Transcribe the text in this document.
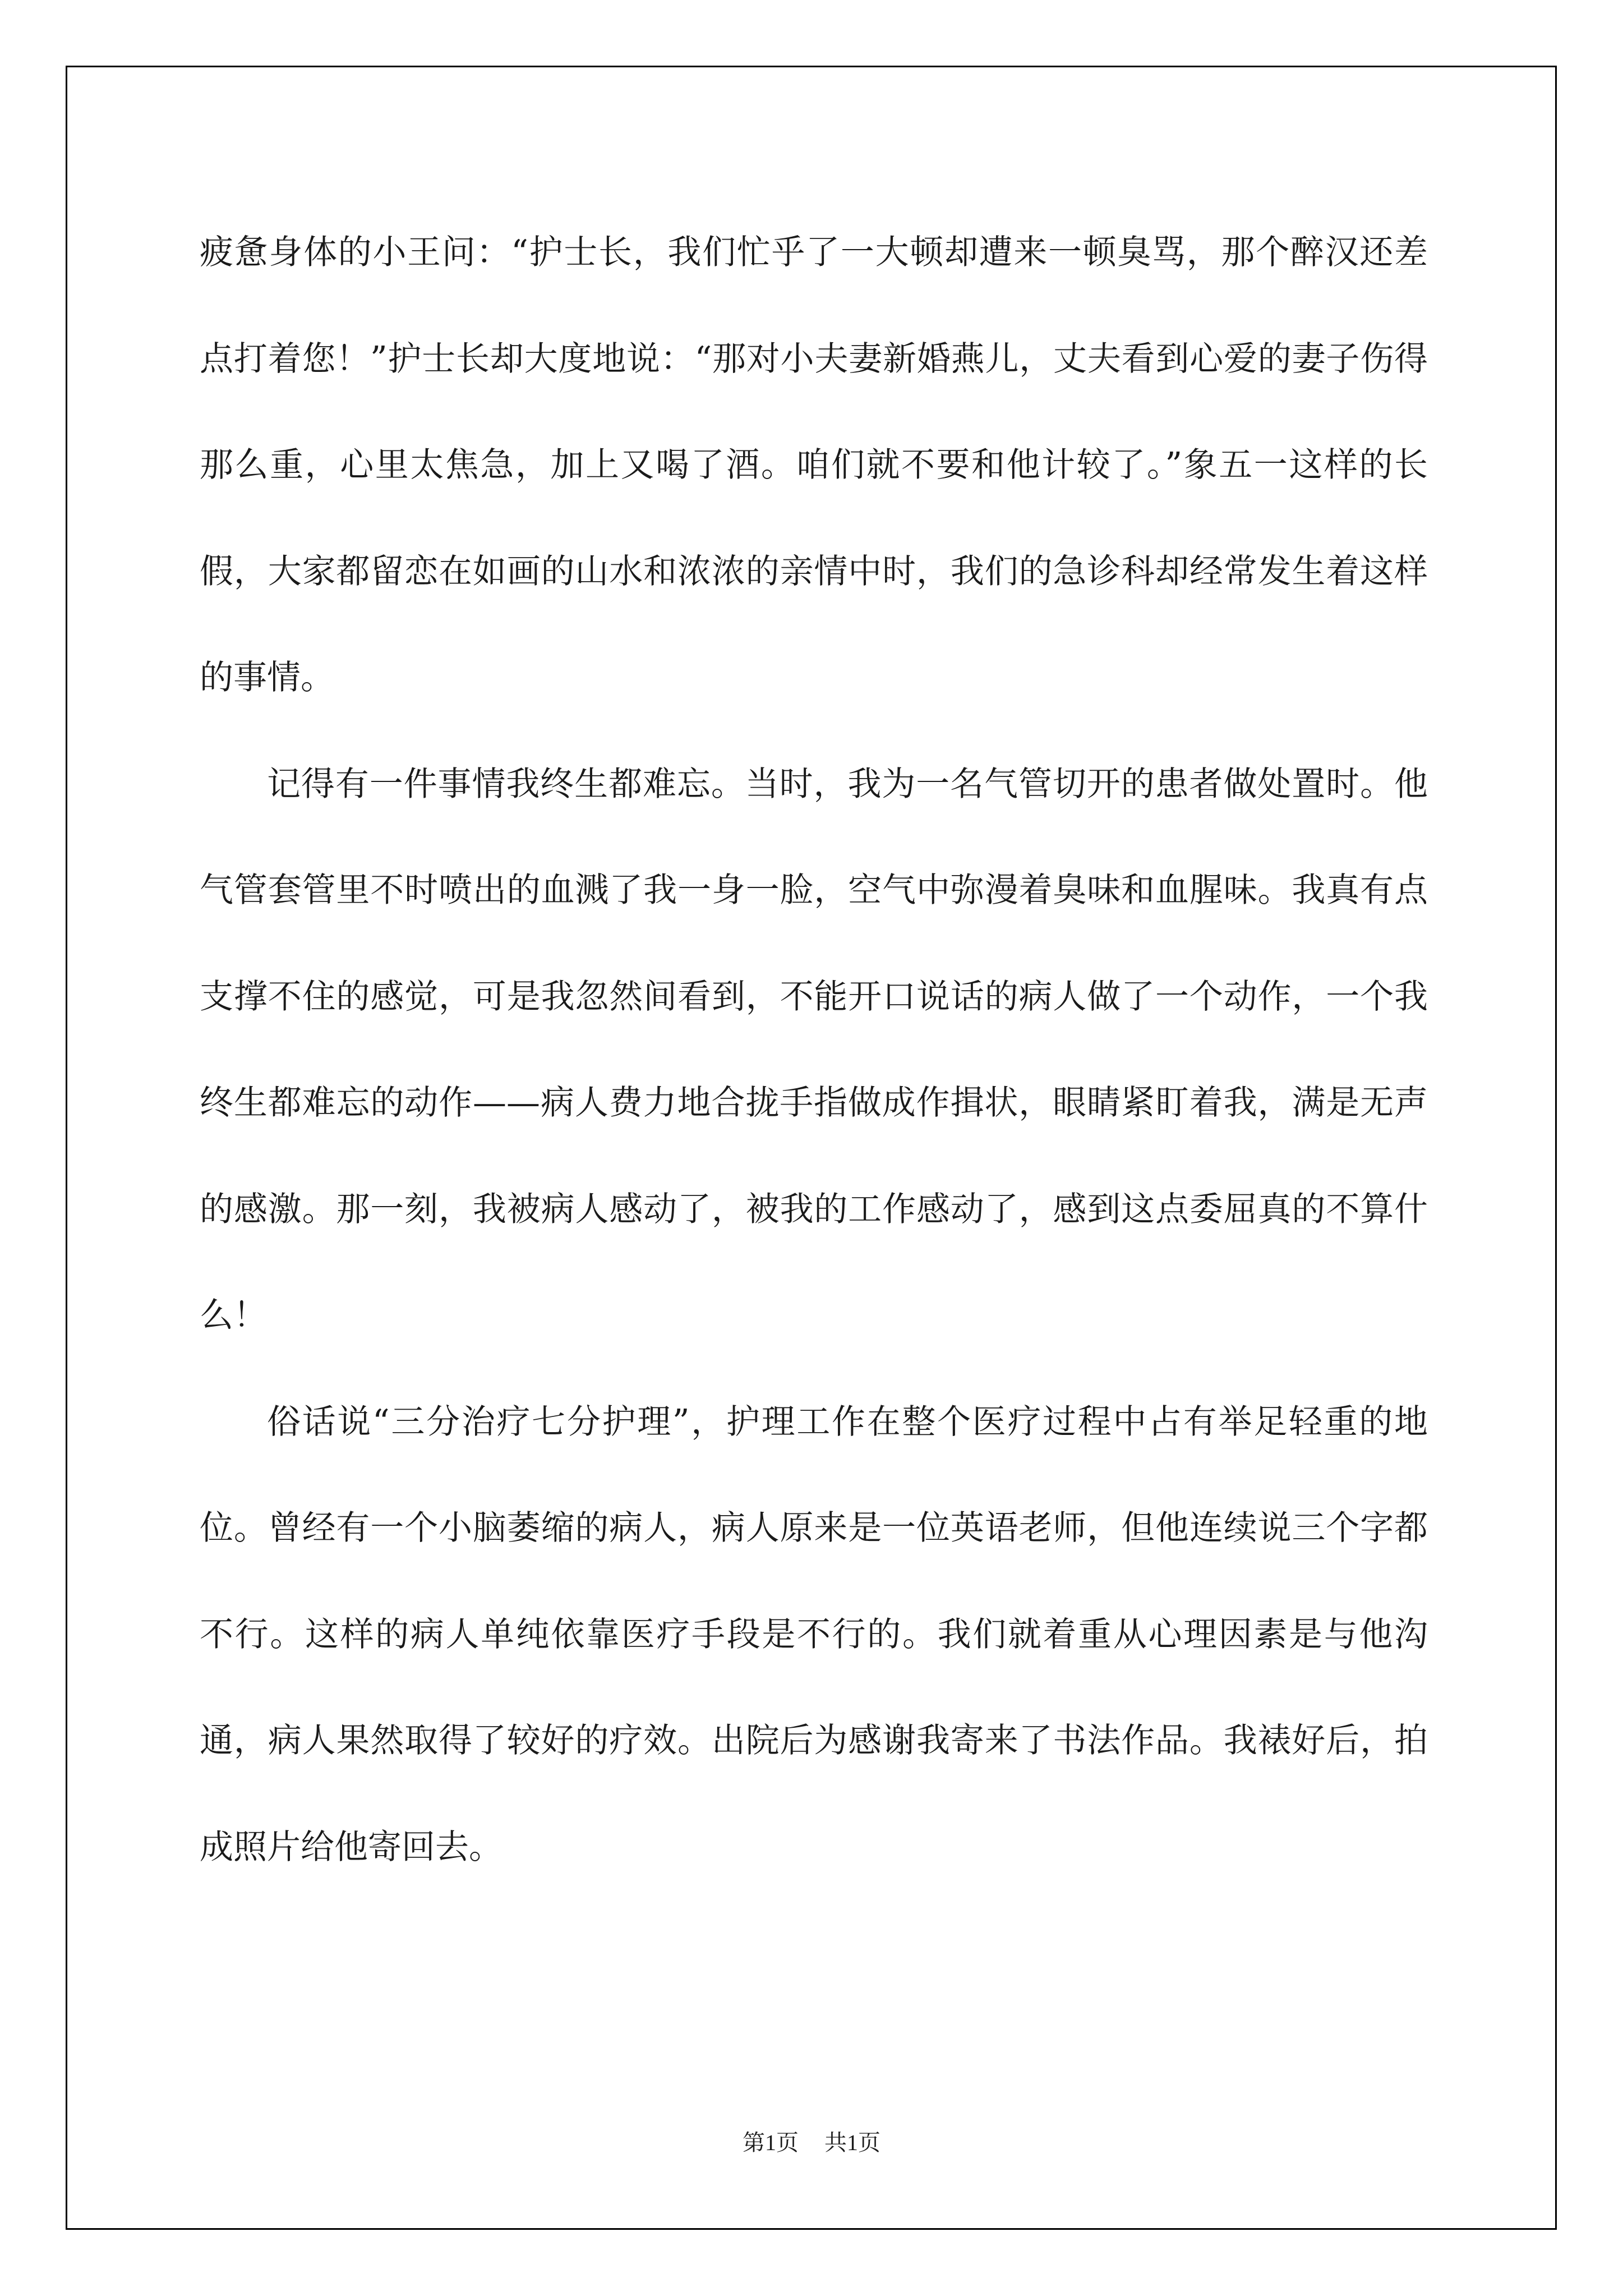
疲惫身体的小王问：“护士长，我们忙乎了一大顿却遭来一顿臭骂，那个醉汉还差点打着您！”护士长却大度地说：“那对小夫妻新婚燕儿，丈夫看到心爱的妻子伤得那么重，心里太焦急，加上又喝了酒。咱们就不要和他计较了。”象五一这样的长假，大家都留恋在如画的山水和浓浓的亲情中时，我们的急诊科却经常发生着这样的事情。

记得有一件事情我终生都难忘。当时，我为一名气管切开的患者做处置时。他气管套管里不时喷出的血溅了我一身一脸，空气中弥漫着臭味和血腥味。我真有点支撑不住的感觉，可是我忽然间看到，不能开口说话的病人做了一个动作，一个我终生都难忘的动作——病人费力地合拢手指做成作揖状，眼睛紧盯着我，满是无声的感激。那一刻，我被病人感动了，被我的工作感动了，感到这点委屈真的不算什么！

俗话说“三分治疗七分护理”，护理工作在整个医疗过程中占有举足轻重的地位。曾经有一个小脑萎缩的病人，病人原来是一位英语老师，但他连续说三个字都不行。这样的病人单纯依靠医疗手段是不行的。我们就着重从心理因素是与他沟通，病人果然取得了较好的疗效。出院后为感谢我寄来了书法作品。我裱好后，拍成照片给他寄回去。

第1页 共1页
